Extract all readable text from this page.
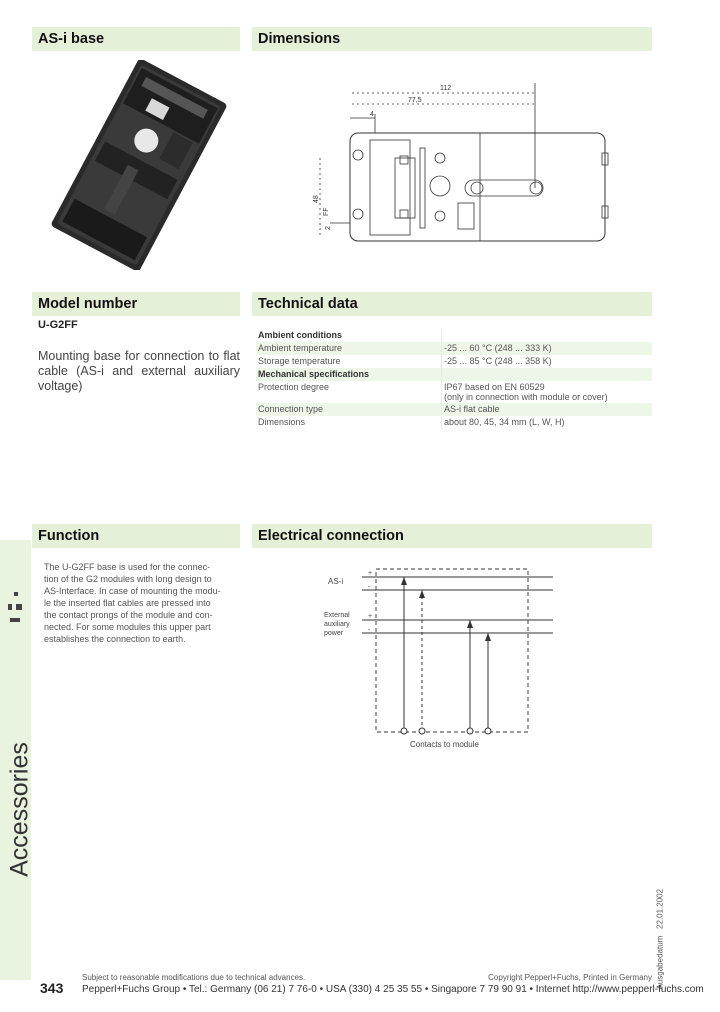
AS-i base	Dimensions
Model number	Technical data
Function	Electrical connection
112
77,5
4
48
FF
2
U-G2FF
Mounting base for connection to flat cable (AS-i and external auxiliary voltage)
Ambient conditions	
Ambient temperature	-25 ... 60 °C (248 ... 333 K)
Storage temperature	-25 ... 85 °C (248 ... 358 K)
Mechanical specifications	
Protection degree	IP67 based on EN 60529
(only in connection with module or cover)
Connection type	AS-i flat cable
Dimensions	about 80, 45, 34 mm (L, W, H)
The U-G2FF base is used for the connec-
tion of the G2 modules with long design to
AS-Interface. In case of mounting the modu-
le the inserted flat cables are pressed into
the contact prongs of the module and con-
nected. For some modules this upper part
establishes the connection to earth.
Accessories
AS-i
+
-
External
auxiliary
power
+
-
Contacts to module
Ausgabedatum   22.01.2002
343
Subject to reasonable modifications due to technical advances.	Copyright Pepperl+Fuchs, Printed in Germany
Pepperl+Fuchs Group • Tel.: Germany (06 21) 7 76-0 • USA (330) 4 25 35 55 • Singapore 7 79 90 91 • Internet http://www.pepperl-fuchs.com
